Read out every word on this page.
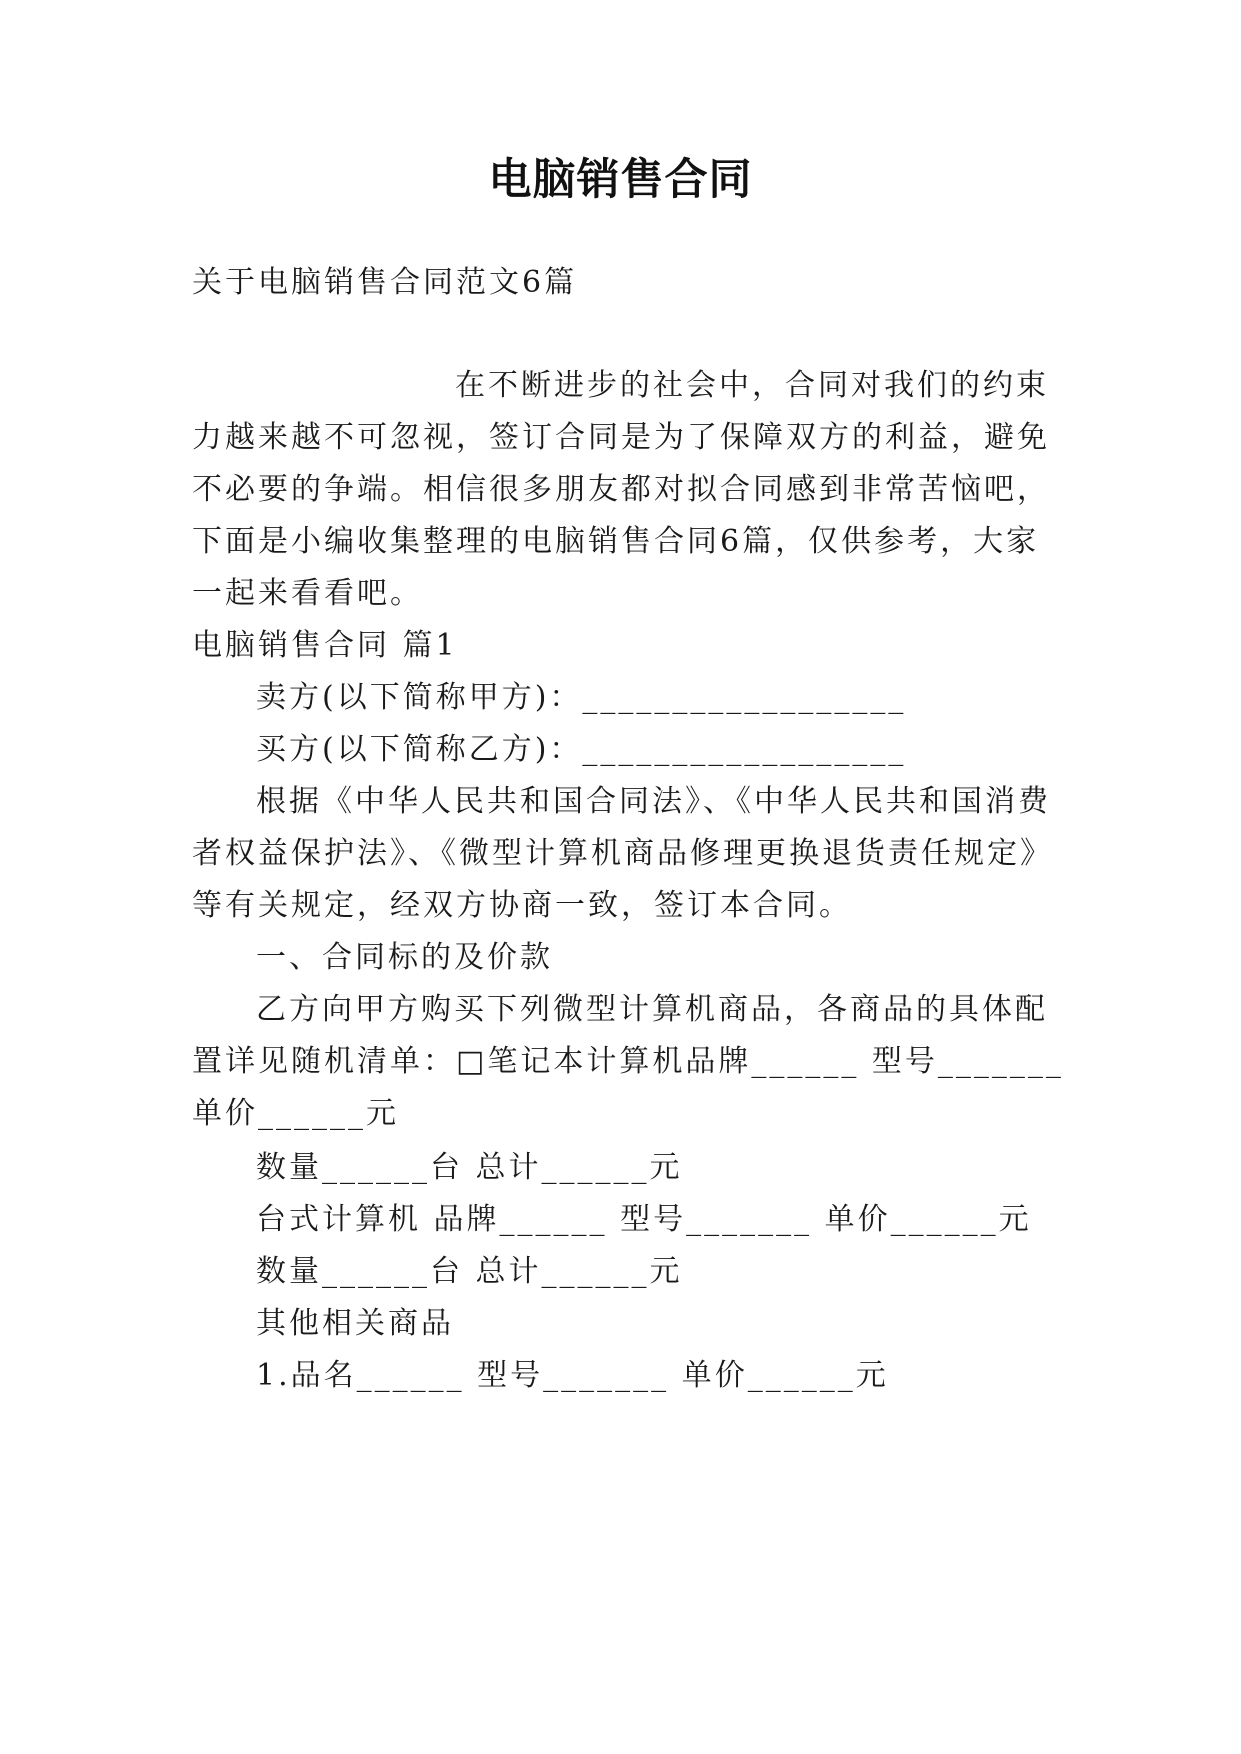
电脑销售合同
关于电脑销售合同范文6篇
在不断进步的社会中，合同对我们的约束
力越来越不可忽视，签订合同是为了保障双方的利益，避免
不必要的争端。相信很多朋友都对拟合同感到非常苦恼吧，
下面是小编收集整理的电脑销售合同6篇，仅供参考，大家
一起来看看吧。
电脑销售合同 篇1
卖方(以下简称甲方)：__________________
买方(以下简称乙方)：__________________
根据《中华人民共和国合同法》、《中华人民共和国消费
者权益保护法》、《微型计算机商品修理更换退货责任规定》
等有关规定，经双方协商一致，签订本合同。
一、合同标的及价款
乙方向甲方购买下列微型计算机商品，各商品的具体配
置详见随机清单：□笔记本计算机品牌______ 型号_______
单价______元
数量______台 总计______元
台式计算机 品牌______ 型号_______ 单价______元
数量______台 总计______元
其他相关商品
1.品名______ 型号_______ 单价______元
